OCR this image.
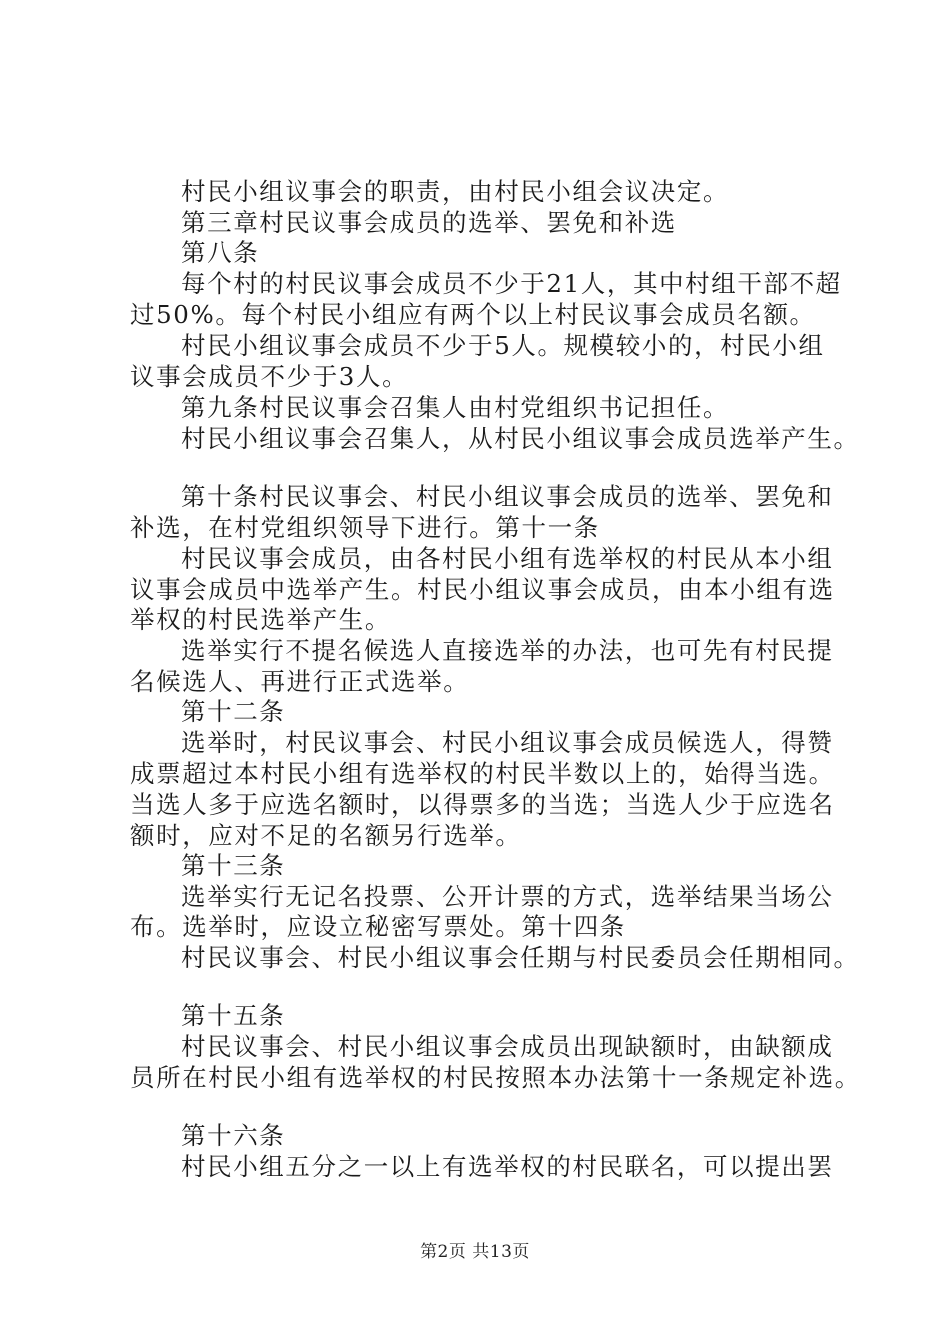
村民小组议事会的职责，由村民小组会议决定。
第三章村民议事会成员的选举、罢免和补选
第八条
每个村的村民议事会成员不少于21人，其中村组干部不超
过50%。每个村民小组应有两个以上村民议事会成员名额。
村民小组议事会成员不少于5人。规模较小的，村民小组
议事会成员不少于3人。
第九条村民议事会召集人由村党组织书记担任。
村民小组议事会召集人，从村民小组议事会成员选举产生。
第十条村民议事会、村民小组议事会成员的选举、罢免和
补选，在村党组织领导下进行。第十一条
村民议事会成员，由各村民小组有选举权的村民从本小组
议事会成员中选举产生。村民小组议事会成员，由本小组有选
举权的村民选举产生。
选举实行不提名候选人直接选举的办法，也可先有村民提
名候选人、再进行正式选举。
第十二条
选举时，村民议事会、村民小组议事会成员候选人，得赞
成票超过本村民小组有选举权的村民半数以上的，始得当选。
当选人多于应选名额时，以得票多的当选；当选人少于应选名
额时，应对不足的名额另行选举。
第十三条
选举实行无记名投票、公开计票的方式，选举结果当场公
布。选举时，应设立秘密写票处。第十四条
村民议事会、村民小组议事会任期与村民委员会任期相同。
第十五条
村民议事会、村民小组议事会成员出现缺额时，由缺额成
员所在村民小组有选举权的村民按照本办法第十一条规定补选。
第十六条
村民小组五分之一以上有选举权的村民联名，可以提出罢
第2页 共13页
